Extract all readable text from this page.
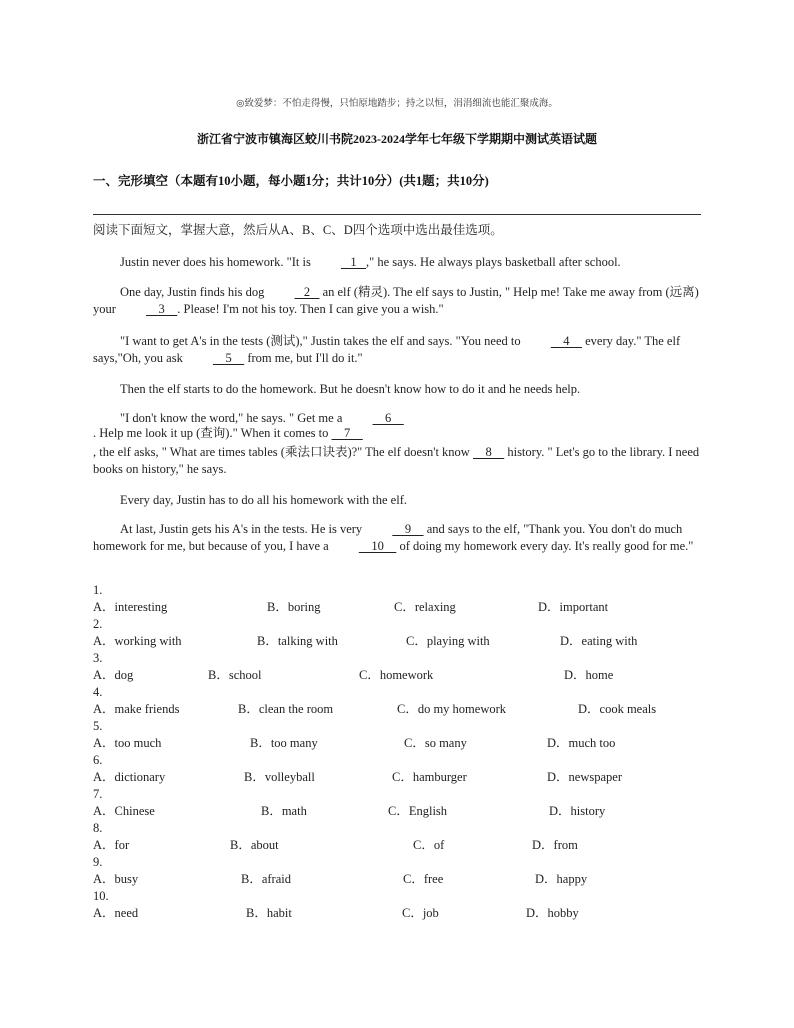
◎致爱梦：不怕走得慢，只怕原地踏步；持之以恒，涓涓细流也能汇聚成海。
浙江省宁波市镇海区蛟川书院2023-2024学年七年级下学期期中测试英语试题
一、完形填空（本题有10小题，每小题1分；共计10分）(共1题；共10分)
阅读下面短文，掌握大意，然后从A、B、C、D四个选项中选出最佳选项。
Justin never does his homework. "It is    1   ," he says. He always plays basketball after school.
One day, Justin finds his dog    2    an elf (精灵). The elf says to Justin, " Help me! Take me away from (远离) your     3    . Please! I'm not his toy. Then I can give you a wish."
"I want to get A's in the tests (测试)," Justin takes the elf and says. "You need to     4     every day." The elf says,"Oh, you ask     5     from me, but I'll do it."
Then the elf starts to do the homework. But he doesn't know how to do it and he needs help.
"I don't know the word," he says. " Get me a     6
. Help me look it up (查询)." When it comes to     7
, the elf asks, " What are times tables (乘法口诀表)?" The elf doesn't know     8     history. " Let's go to the library. I need books on history," he says.
Every day, Justin has to do all his homework with the elf.
At last, Justin gets his A's in the tests. He is very     9     and says to the elf, "Thank you. You don't do much homework for me, but because of you, I have a     10     of doing my homework every day. It's really good for me."
1.
A．interesting	B．boring	C．relaxing	D．important
2.
A．working with	B．talking with	C．playing with	D．eating with
3.
A．dog	B．school	C．homework	D．home
4.
A．make friends	B．clean the room	C．do my homework	D．cook meals
5.
A．too much	B．too many	C．so many	D．much too
6.
A．dictionary	B．volleyball	C．hamburger	D．newspaper
7.
A．Chinese	B．math	C．English	D．history
8.
A．for	B．about	C．of	D．from
9.
A．busy	B．afraid	C．free	D．happy
10.
A．need	B．habit	C．job	D．hobby
